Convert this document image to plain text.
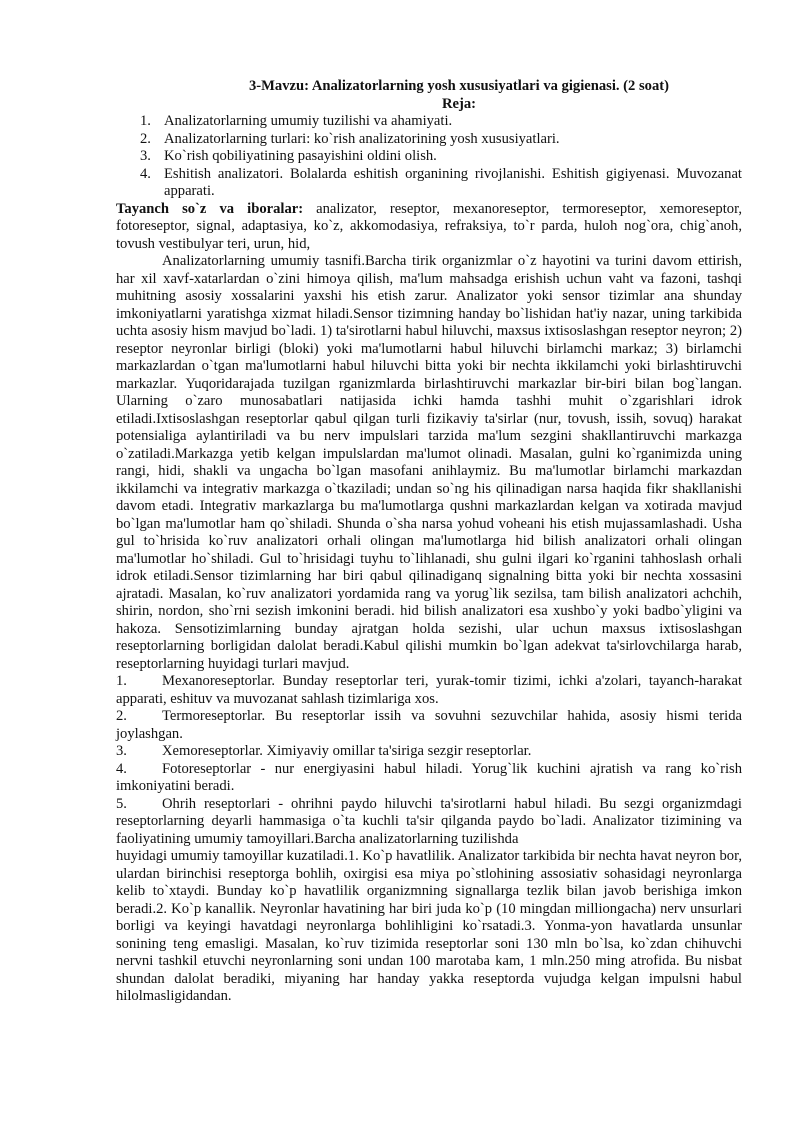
3-Mavzu: Analizatorlarning yosh xususiyatlari va gigienasi. (2 soat)
Reja:
1. Analizatorlarning umumiy tuzilishi va ahamiyati.
2. Analizatorlarning turlari: ko`rish analizatorining yosh xususiyatlari.
3. Ko`rish qobiliyatining pasayishini oldini olish.
4. Eshitish analizatori. Bolalarda eshitish organining rivojlanishi. Eshitish gigiyenasi. Muvozanat apparati.

Tayanch so`z va iboralar: analizator, reseptor, mexanoreseptor, termoreseptor, xemoreseptor, fotoreseptor, signal, adaptasiya, ko`z, akkomodasiya, refraksiya, to`r parda, huloh nog`ora, chig`anoh, tovush vestibulyar teri, urun, hid,

Analizatorlarning umumiy tasnifi.Barcha tirik organizmlar o`z hayotini va turini davom ettirish, har xil xavf-xatarlardan o`zini himoya qilish, ma'lum mahsadga erishish uchun vaht va fazoni, tashqi muhitning asosiy xossalarini yaxshi his etish zarur. Analizator yoki sensor tizimlar ana shunday imkoniyatlarni yaratishga xizmat hiladi.Sensor tizimning handay bo`lishidan hat'iy nazar, uning tarkibida uchta asosiy hism mavjud bo`ladi. 1) ta'sirotlarni habul hiluvchi, maxsus ixtisoslashgan reseptor neyron; 2) reseptor neyronlar birligi (bloki) yoki ma'lumotlarni habul hiluvchi birlamchi markaz; 3) birlamchi markazlardan o`tgan ma'lumotlarni habul hiluvchi bitta yoki bir nechta ikkilamchi yoki birlashtiruvchi markazlar. Yuqoridarajada tuzilgan rganizmlarda birlashtiruvchi markazlar bir-biri bilan bog`langan. Ularning o`zaro munosabatlari natijasida ichki hamda tashhi muhit o`zgarishlari idrok etiladi.Ixtisoslashgan reseptorlar qabul qilgan turli fizikaviy ta'sirlar (nur, tovush, issih, sovuq) harakat potensialiga aylantiriladi va bu nerv impulslari tarzida ma'lum sezgini shakllantiruvchi markazga o`zatiladi.Markazga yetib kelgan impulslardan ma'lumot olinadi. Masalan, gulni ko`rganimizda uning rangi, hidi, shakli va ungacha bo`lgan masofani anihlaymiz. Bu ma'lumotlar birlamchi markazdan ikkilamchi va integrativ markazga o`tkaziladi; undan so`ng his qilinadigan narsa haqida fikr shakllanishi davom etadi. Integrativ markazlarga bu ma'lumotlarga qushni markazlardan kelgan va xotirada mavjud bo`lgan ma'lumotlar ham qo`shiladi. Shunda o`sha narsa yohud voheani his etish mujassamlashadi. Usha gul to`hrisida ko`ruv analizatori orhali olingan ma'lumotlarga hid bilish analizatori orhali olingan ma'lumotlar ho`shiladi. Gul to`hrisidagi tuyhu to`lihlanadi, shu gulni ilgari ko`rganini tahhoslash orhali idrok etiladi.Sensor tizimlarning har biri qabul qilinadiganq signalning bitta yoki bir nechta xossasini ajratadi. Masalan, ko`ruv analizatori yordamida rang va yorug`lik sezilsa, tam bilish analizatori achchih, shirin, nordon, sho`rni sezish imkonini beradi. hid bilish analizatori esa xushbo`y yoki badbo`yligini va hakoza. Sensotizimlarning bunday ajratgan holda sezishi, ular uchun maxsus ixtisoslashgan reseptorlarning borligidan dalolat beradi.Kabul qilishi mumkin bo`lgan adekvat ta'sirlovchilarga harab, reseptorlarning huyidagi turlari mavjud.

1. Mexanoreseptorlar. Bunday reseptorlar teri, yurak-tomir tizimi, ichki a'zolari, tayanch-harakat apparati, eshituv va muvozanat sahlash tizimlariga xos.

2. Termoreseptorlar. Bu reseptorlar issih va sovuhni sezuvchilar hahida, asosiy hismi terida joylashgan.

3. Xemoreseptorlar. Ximiyaviy omillar ta'siriga sezgir reseptorlar.

4. Fotoreseptorlar - nur energiyasini habul hiladi. Yorug`lik kuchini ajratish va rang ko`rish imkoniyatini beradi.

5. Ohrih reseptorlari - ohrihni paydo hiluvchi ta'sirotlarni habul hiladi. Bu sezgi organizmdagi reseptorlarning deyarli hammasiga o`ta kuchli ta'sir qilganda paydo bo`ladi. Analizator tizimining va faoliyatining umumiy tamoyillari.Barcha analizatorlarning tuzilishda

huyidagi umumiy tamoyillar kuzatiladi.1. Ko`p havatlilik. Analizator tarkibida bir nechta havat neyron bor, ulardan birinchisi reseptorga bohlih, oxirgisi esa miya po`stlohining assosiativ sohasidagi neyronlarga kelib to`xtaydi. Bunday ko`p havatlilik organizmning signallarga tezlik bilan javob berishiga imkon beradi.2. Ko`p kanallik. Neyronlar havatining har biri juda ko`p (10 mingdan milliongacha) nerv unsurlari borligi va keyingi havatdagi neyronlarga bohlihligini ko`rsatadi.3. Yonma-yon havatlarda unsunlar sonining teng emasligi. Masalan, ko`ruv tizimida reseptorlar soni 130 mln bo`lsa, ko`zdan chihuvchi nervni tashkil etuvchi neyronlarning soni undan 100 marotaba kam, 1 mln.250 ming atrofida. Bu nisbat shundan dalolat beradiki, miyaning har handay yakka reseptorda vujudga kelgan impulsni habul hilolmasligidandan.
